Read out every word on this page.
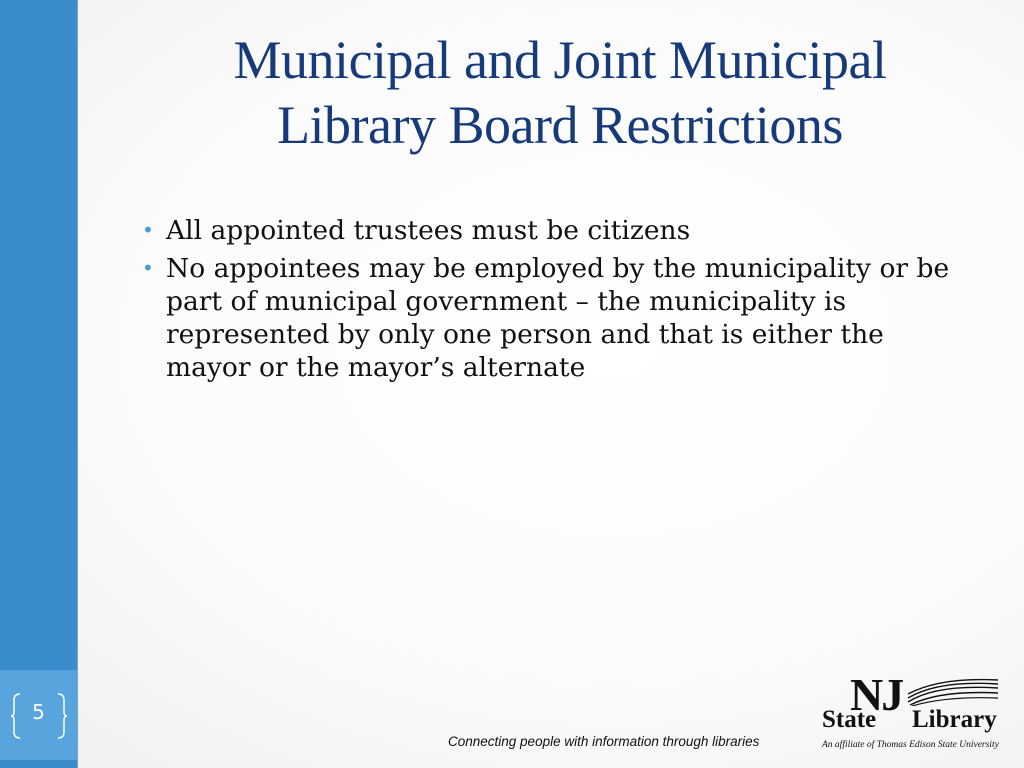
5
Municipal and Joint Municipal
Library Board Restrictions
• All appointed trustees must be citizens
• No appointees may be employed by the municipality or be part of municipal government – the municipality is represented by only one person and that is either the mayor or the mayor’s alternate
Connecting people with information through libraries
NJ
State Library
An affiliate of Thomas Edison State University
